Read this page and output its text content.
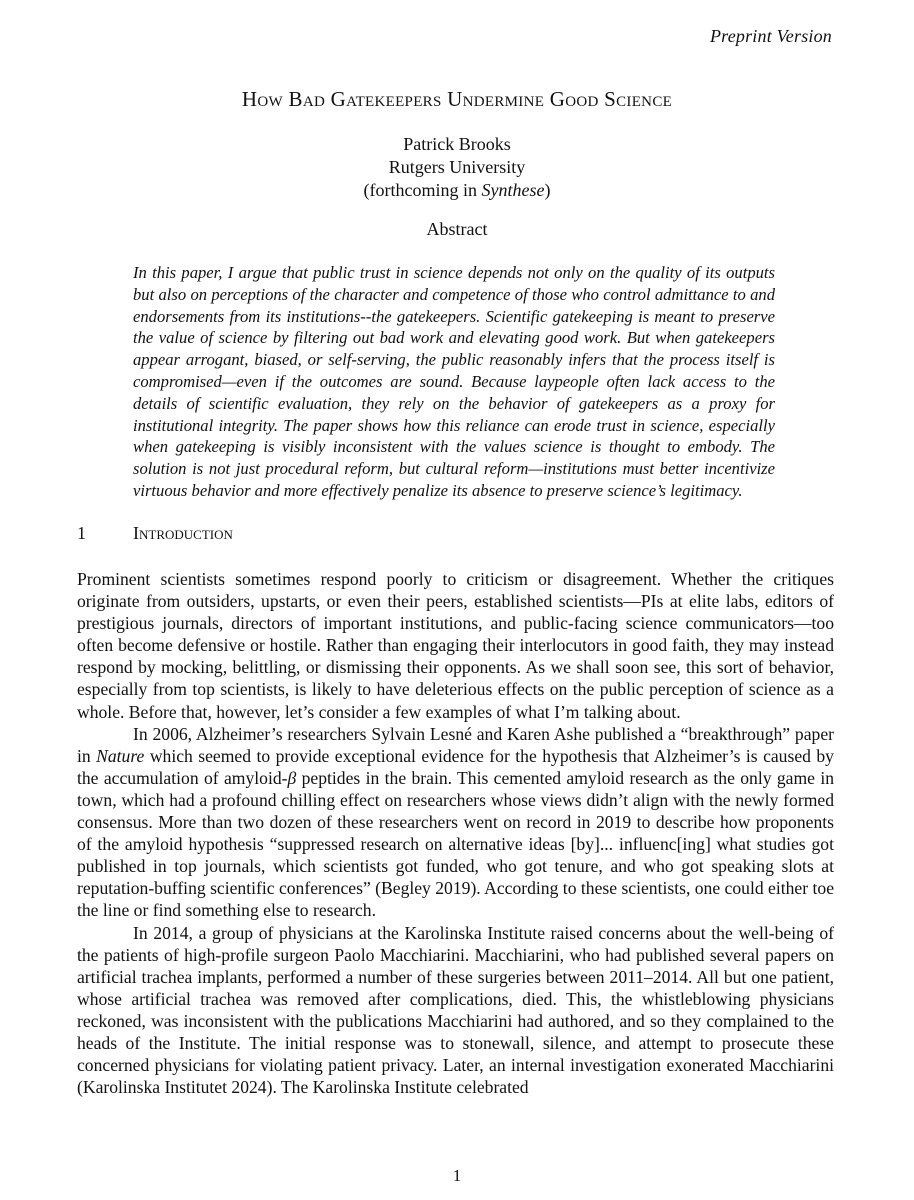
Preprint Version
How Bad Gatekeepers Undermine Good Science
Patrick Brooks
Rutgers University
(forthcoming in Synthese)
Abstract

In this paper, I argue that public trust in science depends not only on the quality of its outputs but also on perceptions of the character and competence of those who control admittance to and endorsements from its institutions--the gatekeepers. Scientific gatekeeping is meant to preserve the value of science by filtering out bad work and elevating good work. But when gatekeepers appear arrogant, biased, or self-serving, the public reasonably infers that the process itself is compromised—even if the outcomes are sound. Because laypeople often lack access to the details of scientific evaluation, they rely on the behavior of gatekeepers as a proxy for institutional integrity. The paper shows how this reliance can erode trust in science, especially when gatekeeping is visibly inconsistent with the values science is thought to embody. The solution is not just procedural reform, but cultural reform—institutions must better incentivize virtuous behavior and more effectively penalize its absence to preserve science’s legitimacy.

1	Introduction

Prominent scientists sometimes respond poorly to criticism or disagreement. Whether the critiques originate from outsiders, upstarts, or even their peers, established scientists—PIs at elite labs, editors of prestigious journals, directors of important institutions, and public-facing science communicators—too often become defensive or hostile. Rather than engaging their interlocutors in good faith, they may instead respond by mocking, belittling, or dismissing their opponents. As we shall soon see, this sort of behavior, especially from top scientists, is likely to have deleterious effects on the public perception of science as a whole. Before that, however, let’s consider a few examples of what I’m talking about.

In 2006, Alzheimer’s researchers Sylvain Lesné and Karen Ashe published a “breakthrough” paper in Nature which seemed to provide exceptional evidence for the hypothesis that Alzheimer’s is caused by the accumulation of amyloid-β peptides in the brain. This cemented amyloid research as the only game in town, which had a profound chilling effect on researchers whose views didn’t align with the newly formed consensus. More than two dozen of these researchers went on record in 2019 to describe how proponents of the amyloid hypothesis “suppressed research on alternative ideas [by]... influenc[ing] what studies got published in top journals, which scientists got funded, who got tenure, and who got speaking slots at reputation-buffing scientific conferences” (Begley 2019). According to these scientists, one could either toe the line or find something else to research.

In 2014, a group of physicians at the Karolinska Institute raised concerns about the well-being of the patients of high-profile surgeon Paolo Macchiarini. Macchiarini, who had published several papers on artificial trachea implants, performed a number of these surgeries between 2011–2014. All but one patient, whose artificial trachea was removed after complications, died. This, the whistleblowing physicians reckoned, was inconsistent with the publications Macchiarini had authored, and so they complained to the heads of the Institute. The initial response was to stonewall, silence, and attempt to prosecute these concerned physicians for violating patient privacy. Later, an internal investigation exonerated Macchiarini (Karolinska Institutet 2024). The Karolinska Institute celebrated

1
